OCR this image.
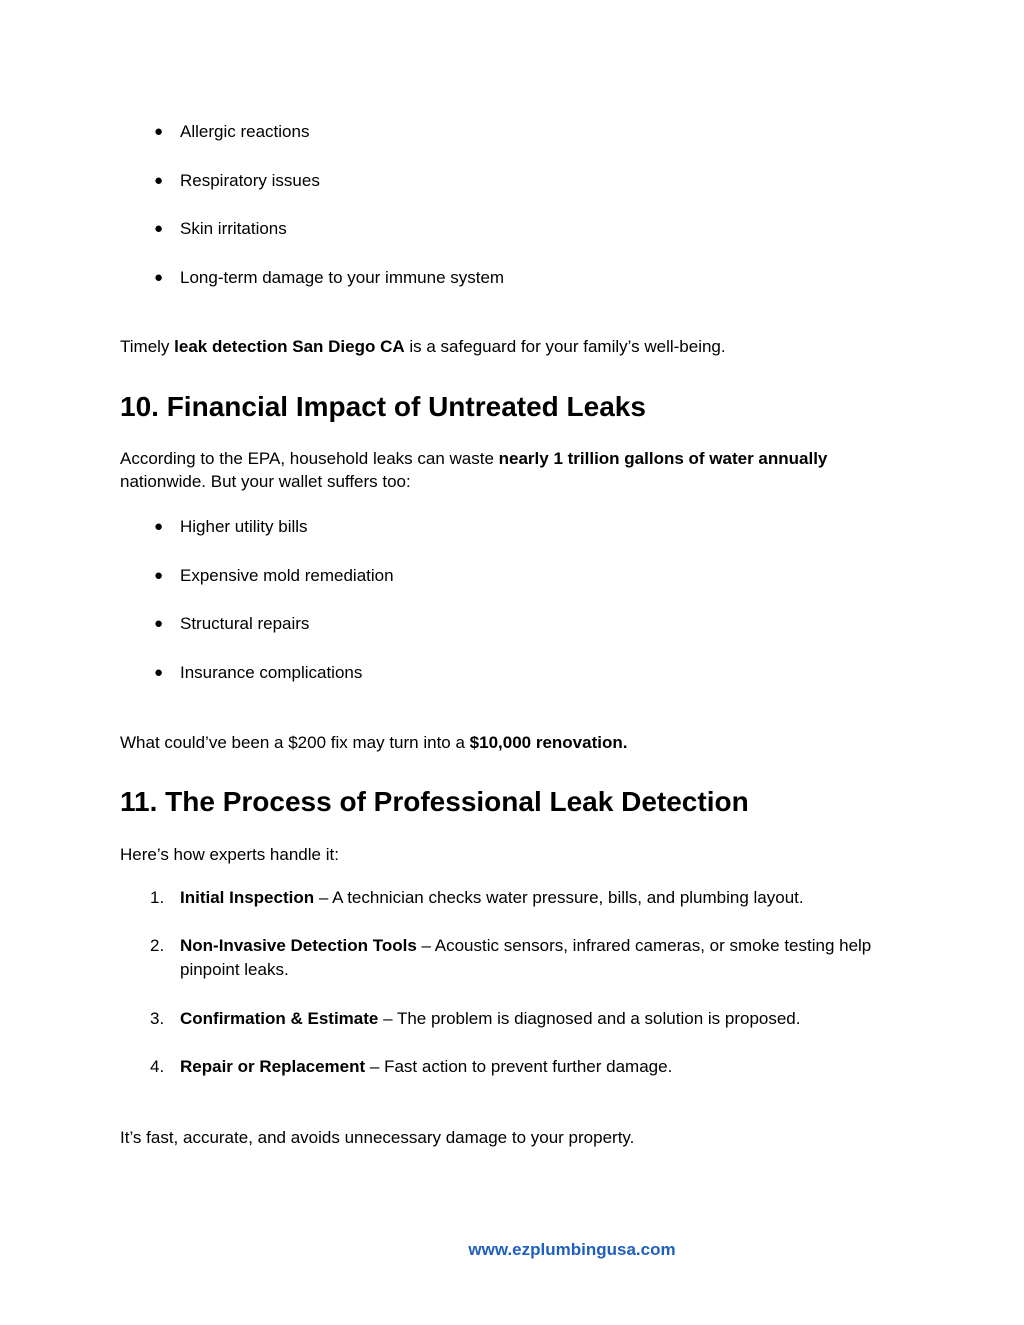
● Allergic reactions
● Respiratory issues
● Skin irritations
● Long-term damage to your immune system

Timely leak detection San Diego CA is a safeguard for your family’s well-being.

10. Financial Impact of Untreated Leaks

According to the EPA, household leaks can waste nearly 1 trillion gallons of water annually nationwide. But your wallet suffers too:

● Higher utility bills
● Expensive mold remediation
● Structural repairs
● Insurance complications

What could’ve been a $200 fix may turn into a $10,000 renovation.

11. The Process of Professional Leak Detection

Here’s how experts handle it:

1. Initial Inspection – A technician checks water pressure, bills, and plumbing layout.
2. Non-Invasive Detection Tools – Acoustic sensors, infrared cameras, or smoke testing help pinpoint leaks.
3. Confirmation & Estimate – The problem is diagnosed and a solution is proposed.
4. Repair or Replacement – Fast action to prevent further damage.

It’s fast, accurate, and avoids unnecessary damage to your property.

www.ezplumbingusa.com
